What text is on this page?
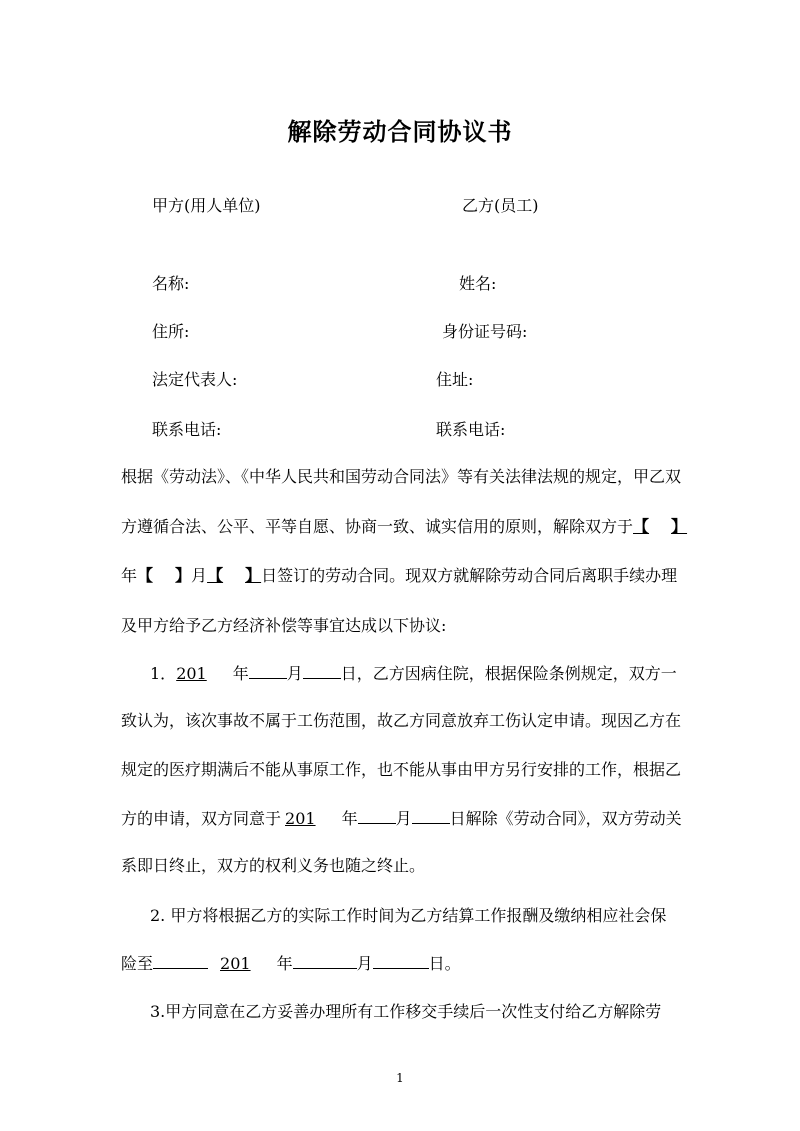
解除劳动合同协议书
甲方(用人单位)	乙方(员工)
名称:	姓名:
住所:	身份证号码:
法定代表人:	住址:
联系电话:	联系电话:
根据《劳动法》、《中华人民共和国劳动合同法》等有关法律法规的规定，甲乙双
方遵循合法、公平、平等自愿、协商一致、诚实信用的原则，解除双方于【 】
年【 】月【 】日签订的劳动合同。现双方就解除劳动合同后离职手续办理
及甲方给予乙方经济补偿等事宜达成以下协议:
1．201 年 月 日，乙方因病住院，根据保险条例规定，双方一
致认为，该次事故不属于工伤范围，故乙方同意放弃工伤认定申请。现因乙方在
规定的医疗期满后不能从事原工作，也不能从事由甲方另行安排的工作，根据乙
方的申请，双方同意于 201 年 月 日解除《劳动合同》，双方劳动关
系即日终止，双方的权利义务也随之终止。
2. 甲方将根据乙方的实际工作时间为乙方结算工作报酬及缴纳相应社会保
险至	201 年	月	日。
3.甲方同意在乙方妥善办理所有工作移交手续后一次性支付给乙方解除劳
1
